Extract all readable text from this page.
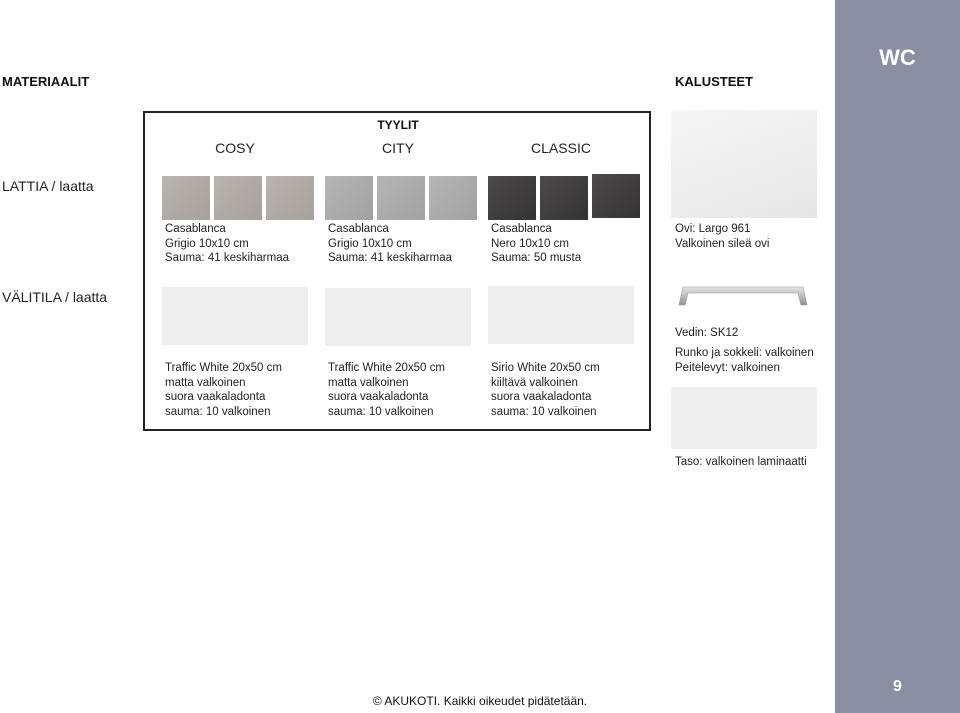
WC
9
MATERIAALIT	KALUSTEET
TYYLIT
COSY	CITY	CLASSIC
LATTIA / laatta
VÄLITILA / laatta
Casablanca
Grigio 10x10 cm
Sauma: 41 keskiharmaa
Casablanca
Grigio 10x10 cm
Sauma: 41 keskiharmaa
Casablanca
Nero 10x10 cm
Sauma: 50 musta
Traffic White 20x50 cm
matta valkoinen
suora vaakaladonta
sauma: 10 valkoinen
Traffic White 20x50 cm
matta valkoinen
suora vaakaladonta
sauma: 10 valkoinen
Sirio White 20x50 cm
kiiltävä valkoinen
suora vaakaladonta
sauma: 10 valkoinen
Ovi: Largo 961
Valkoinen sileä ovi
Vedin: SK12
Runko ja sokkeli: valkoinen
Peitelevyt: valkoinen
Taso: valkoinen laminaatti
© AKUKOTI. Kaikki oikeudet pidätetään.
